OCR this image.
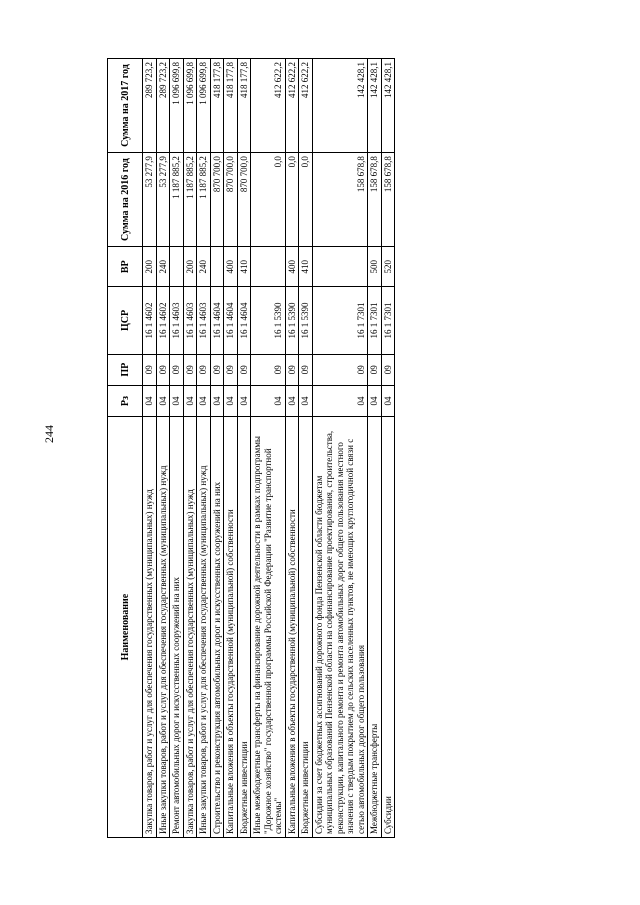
244
Наименование	Рз	ПР	ЦСР	ВР	Сумма на 2016 год	Сумма на 2017 год
Закупка товаров, работ и услуг для обеспечения государственных (муниципальных) нужд	04	09	16 1 4602	200	53 277,9	289 723,2
Иные закупки товаров, работ и услуг для обеспечения государственных (муниципальных) нужд	04	09	16 1 4602	240	53 277,9	289 723,2
Ремонт автомобильных дорог и искусственных сооружений на них	04	09	16 1 4603		1 187 885,2	1 096 699,8
Закупка товаров, работ и услуг для обеспечения государственных (муниципальных) нужд	04	09	16 1 4603	200	1 187 885,2	1 096 699,8
Иные закупки товаров, работ и услуг для обеспечения государственных (муниципальных) нужд	04	09	16 1 4603	240	1 187 885,2	1 096 699,8
Строительство и реконструкция автомобильных дорог и искусственных сооружений на них	04	09	16 1 4604		870 700,0	418 177,8
Капитальные вложения в объекты государственной (муниципальной) собственности	04	09	16 1 4604	400	870 700,0	418 177,8
Бюджетные инвестиции	04	09	16 1 4604	410	870 700,0	418 177,8
Иные межбюджетные трансферты на финансирование дорожной деятельности в рамках подпрограммы "Дорожное хозяйство" государственной программы Российской Федерации "Развитие транспортной системы"	04	09	16 1 5390		0,0	412 622,2
Капитальные вложения в объекты государственной (муниципальной) собственности	04	09	16 1 5390	400	0,0	412 622,2
Бюджетные инвестиции	04	09	16 1 5390	410	0,0	412 622,2
Субсидии за счет бюджетных ассигнований дорожного фонда Пензенской области бюджетам муниципальных образований Пензенской области на софинансирование проектирования, строительства, реконструкции, капитального ремонта и ремонта автомобильных дорог общего пользования местного значения с твердым покрытием до сельских населенных пунктов, не имеющих круглогодичной связи с сетью автомобильных дорог общего пользования	04	09	16 1 7301		158 678,8	142 428,1
Межбюджетные трансферты	04	09	16 1 7301	500	158 678,8	142 428,1
Субсидии	04	09	16 1 7301	520	158 678,8	142 428,1
